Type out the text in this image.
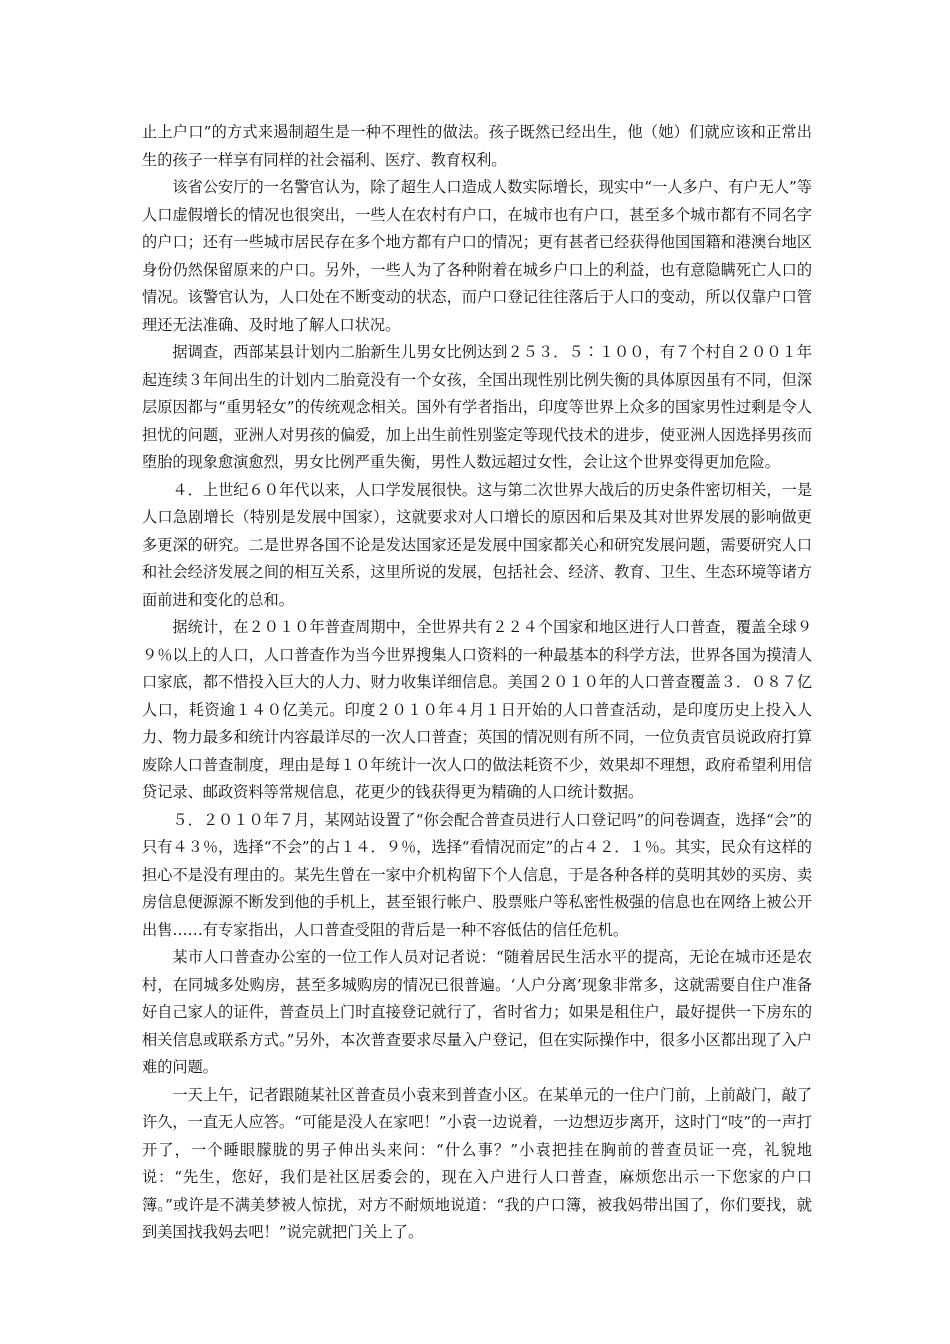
止上户口”的方式来遏制超生是一种不理性的做法。孩子既然已经出生，他（她）们就应该和正常出生的孩子一样享有同样的社会福利、医疗、教育权利。

该省公安厅的一名警官认为，除了超生人口造成人数实际增长，现实中“一人多户、有户无人”等人口虚假增长的情况也很突出，一些人在农村有户口，在城市也有户口，甚至多个城市都有不同名字的户口；还有一些城市居民存在多个地方都有户口的情况；更有甚者已经获得他国国籍和港澳台地区身份仍然保留原来的户口。另外，一些人为了各种附着在城乡户口上的利益，也有意隐瞒死亡人口的情况。该警官认为，人口处在不断变动的状态，而户口登记往往落后于人口的变动，所以仅靠户口管理还无法准确、及时地了解人口状况。

据调查，西部某县计划内二胎新生儿男女比例达到２５３．５∶１００，有７个村自２００１年起连续３年间出生的计划内二胎竟没有一个女孩，全国出现性别比例失衡的具体原因虽有不同，但深层原因都与“重男轻女”的传统观念相关。国外有学者指出，印度等世界上众多的国家男性过剩是令人担忧的问题，亚洲人对男孩的偏爱，加上出生前性别鉴定等现代技术的进步，使亚洲人因选择男孩而堕胎的现象愈演愈烈，男女比例严重失衡，男性人数远超过女性，会让这个世界变得更加危险。

４．上世纪６０年代以来，人口学发展很快。这与第二次世界大战后的历史条件密切相关，一是人口急剧增长（特别是发展中国家），这就要求对人口增长的原因和后果及其对世界发展的影响做更多更深的研究。二是世界各国不论是发达国家还是发展中国家都关心和研究发展问题，需要研究人口和社会经济发展之间的相互关系，这里所说的发展，包括社会、经济、教育、卫生、生态环境等诸方面前进和变化的总和。

据统计，在２０１０年普查周期中，全世界共有２２４个国家和地区进行人口普查，覆盖全球９９％以上的人口，人口普查作为当今世界搜集人口资料的一种最基本的科学方法，世界各国为摸清人口家底，都不惜投入巨大的人力、财力收集详细信息。美国２０１０年的人口普查覆盖３．０８７亿人口，耗资逾１４０亿美元。印度２０１０年４月１日开始的人口普查活动，是印度历史上投入人力、物力最多和统计内容最详尽的一次人口普查；英国的情况则有所不同，一位负责官员说政府打算废除人口普查制度，理由是每１０年统计一次人口的做法耗资不少，效果却不理想，政府希望利用信贷记录、邮政资料等常规信息，花更少的钱获得更为精确的人口统计数据。

５．２０１０年７月，某网站设置了“你会配合普查员进行人口登记吗”的问卷调查，选择“会”的只有４３％，选择“不会”的占１４．９％，选择“看情况而定”的占４２．１％。其实，民众有这样的担心不是没有理由的。某先生曾在一家中介机构留下个人信息，于是各种各样的莫明其妙的买房、卖房信息便源源不断发到他的手机上，甚至银行帐户、股票账户等私密性极强的信息也在网络上被公开出售……有专家指出，人口普查受阻的背后是一种不容低估的信任危机。

某市人口普查办公室的一位工作人员对记者说：“随着居民生活水平的提高，无论在城市还是农村，在同城多处购房，甚至多城购房的情况已很普遍。‘人户分离’现象非常多，这就需要自住户准备好自己家人的证件，普查员上门时直接登记就行了，省时省力；如果是租住户，最好提供一下房东的相关信息或联系方式。”另外，本次普查要求尽量入户登记，但在实际操作中，很多小区都出现了入户难的问题。

一天上午，记者跟随某社区普查员小袁来到普查小区。在某单元的一住户门前，上前敲门，敲了许久，一直无人应答。“可能是没人在家吧！”小袁一边说着，一边想迈步离开，这时门“吱”的一声打开了，一个睡眼朦胧的男子伸出头来问：“什么事？”小袁把挂在胸前的普查员证一亮，礼貌地说：“先生，您好，我们是社区居委会的，现在入户进行人口普查，麻烦您出示一下您家的户口簿。”或许是不满美梦被人惊扰，对方不耐烦地说道：“我的户口簿，被我妈带出国了，你们要找，就到美国找我妈去吧！”说完就把门关上了。
